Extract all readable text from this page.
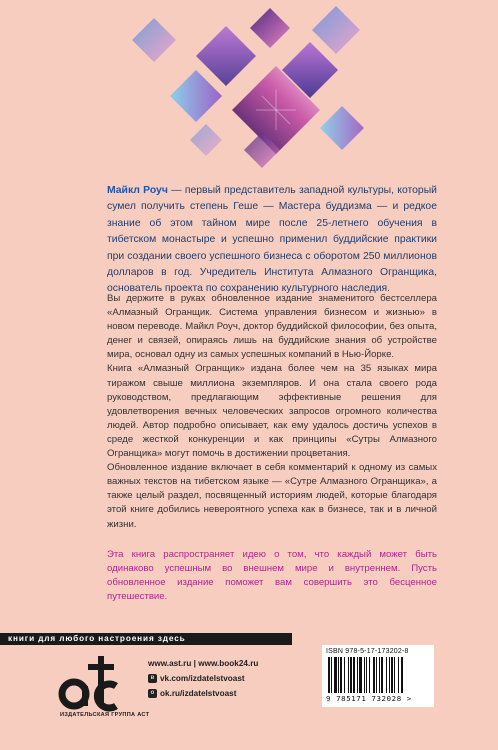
Майкл Роуч — первый представитель западной культуры, который сумел получить степень Геше — Мастера буддизма — и редкое знание об этом тайном мире после 25-летнего обучения в тибетском монастыре и успешно применил буддийские практики при создании своего успешного бизнеса с оборотом 250 миллионов долларов в год. Учредитель Института Алмазного Огранщика, основатель проекта по сохранению культурного наследия.

Вы держите в руках обновленное издание знаменитого бестселлера «Алмазный Огранщик. Система управления бизнесом и жизнью» в новом переводе. Майкл Роуч, доктор буддийской философии, без опыта, денег и связей, опираясь лишь на буддийские знания об устройстве мира, основал одну из самых успешных компаний в Нью-Йорке.

Книга «Алмазный Огранщик» издана более чем на 35 языках мира тиражом свыше миллиона экземпляров. И она стала своего рода руководством, предлагающим эффективные решения для удовлетворения вечных человеческих запросов огромного количества людей. Автор подробно описывает, как ему удалось достичь успехов в среде жесткой конкуренции и как принципы «Сутры Алмазного Огранщика» могут помочь в достижении процветания.

Обновленное издание включает в себя комментарий к одному из самых важных текстов на тибетском языке — «Сутре Алмазного Огранщика», а также целый раздел, посвященный историям людей, которые благодаря этой книге добились невероятного успеха как в бизнесе, так и в личной жизни.

Эта книга распространяет идею о том, что каждый может быть одинаково успешным во внешнем мире и внутреннем. Пусть обновленное издание поможет вам совершить это бесценное путешествие.
книги для любого настроения здесь
ACT
ИЗДАТЕЛЬСКАЯ ГРУППА АСТ
www.ast.ru | www.book24.ru
в vk.com/izdatelstvoast
о ok.ru/izdatelstvoast
ISBN 978-5-17-173202-8
9 785171 732028 >
